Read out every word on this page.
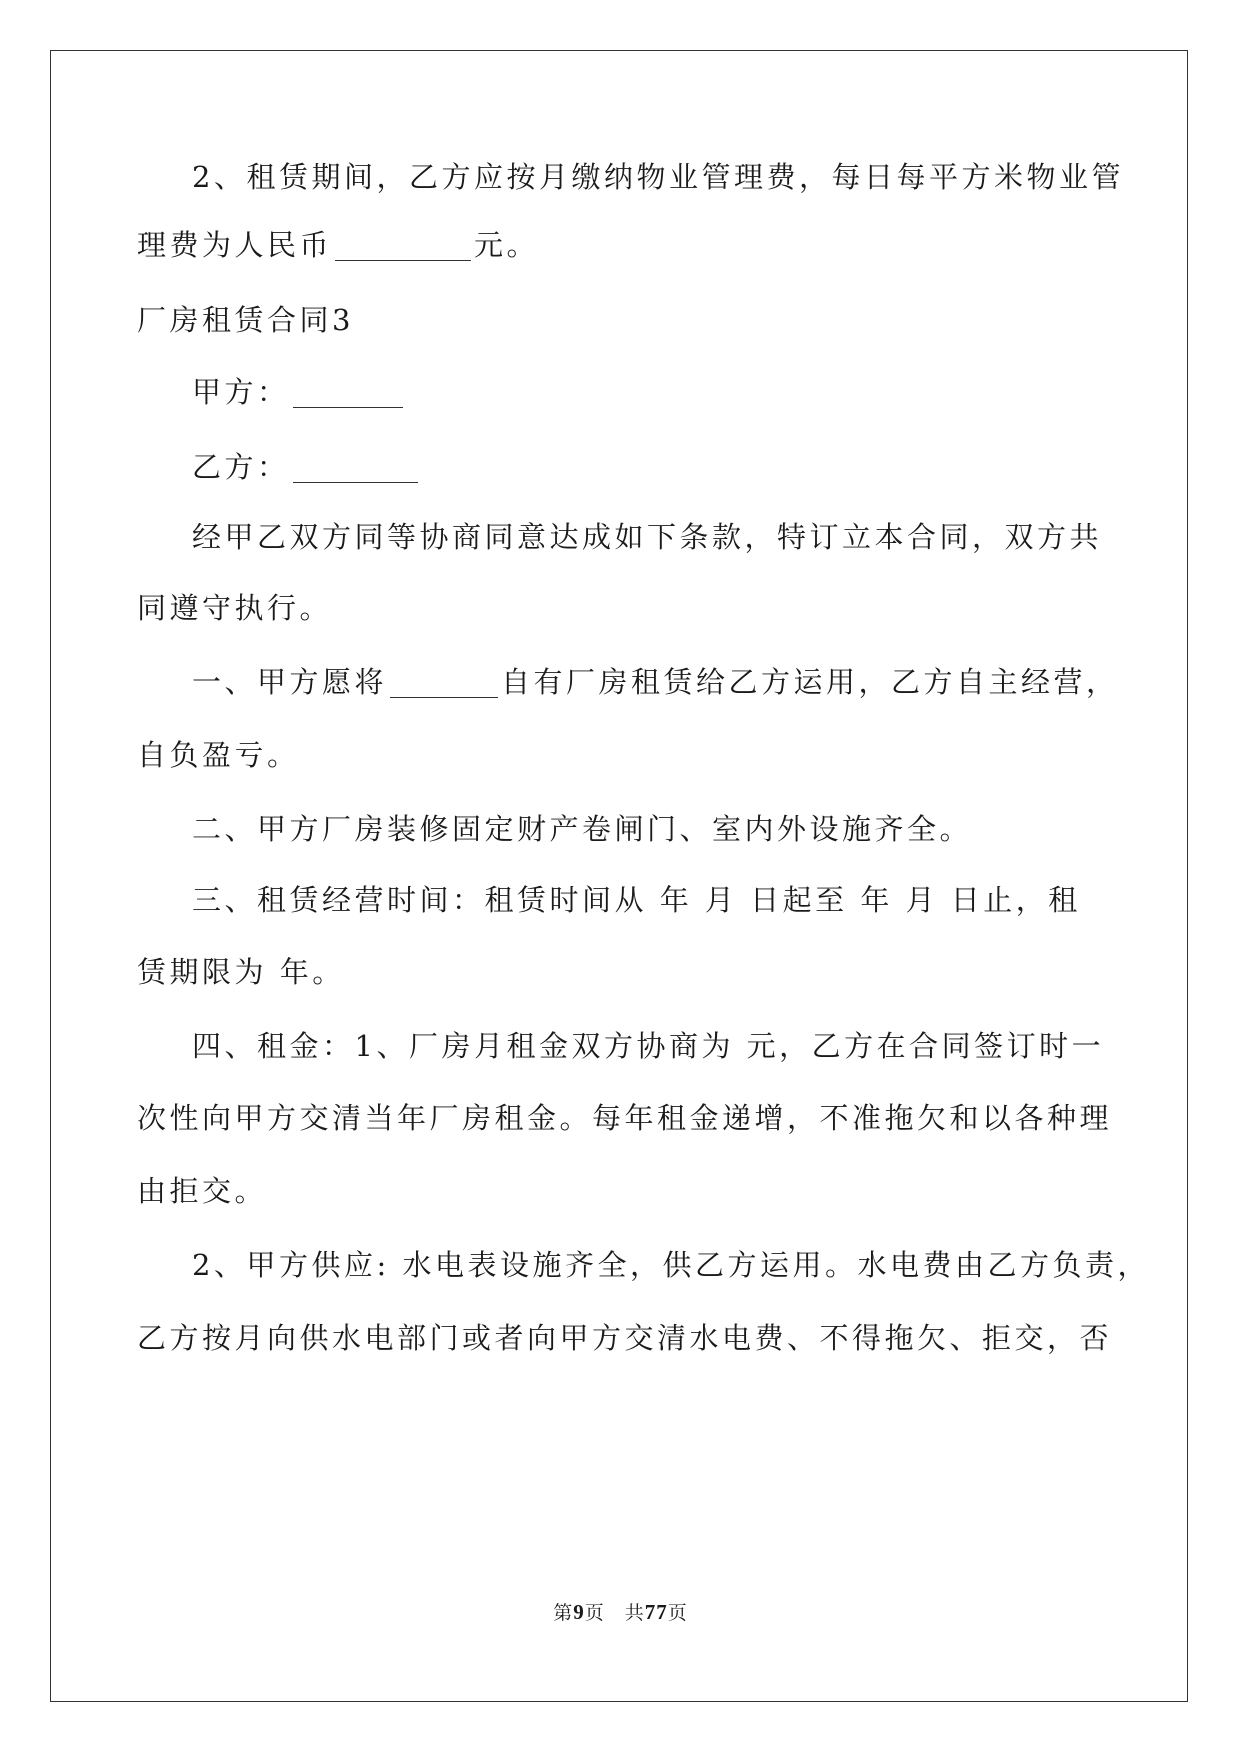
2、租赁期间，乙方应按月缴纳物业管理费，每日每平方米物业管
理费为人民币	元。
厂房租赁合同3
甲方：
乙方：
经甲乙双方同等协商同意达成如下条款，特订立本合同，双方共
同遵守执行。
一、甲方愿将	自有厂房租赁给乙方运用，乙方自主经营，
自负盈亏。
二、甲方厂房装修固定财产卷闸门、室内外设施齐全。
三、租赁经营时间：租赁时间从 年 月 日起至 年 月 日止，租
赁期限为 年。
四、租金：1、厂房月租金双方协商为 元，乙方在合同签订时一
次性向甲方交清当年厂房租金。每年租金递增，不准拖欠和以各种理
由拒交。
2、甲方供应: 水电表设施齐全，供乙方运用。水电费由乙方负责，
乙方按月向供水电部门或者向甲方交清水电费、不得拖欠、拒交，否
第9页　共77页
